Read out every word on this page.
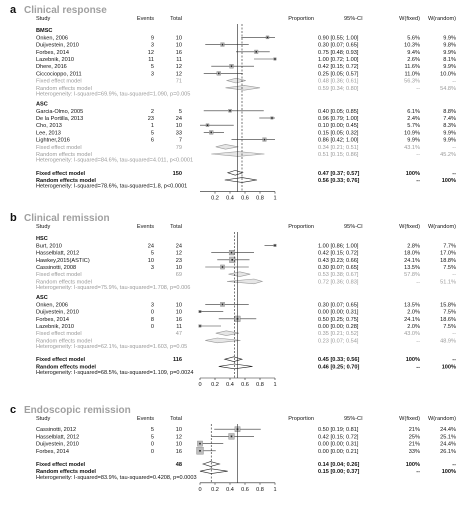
a Clinical response
Study	Events	Total	Proportion	95%-CI	W(fixed) W(random)
BMSC
Onken, 2006	9	10	0.90 [0.55; 1.00]	5.6%	9.9%
Duijvestein, 2010	3	10	0.30 [0.07; 0.65]	10.3%	9.8%
Forbes, 2014	12	16	0.75 [0.48; 0.93]	9.4%	9.9%
Lazebnik, 2010	11	11	1.00 [0.72; 1.00]	2.6%	8.1%
Dhere, 2016	5	12	0.42 [0.15; 0.72]	11.6%	9.9%
Ciccocioppo, 2011	3	12	0.25 [0.05; 0.57]	11.0%	10.0%
Fixed effect model	71	0.48 [0.36; 0.61]	56.3%	--
Random effects model	0.59 [0.34; 0.80]	--	54.8%
Heterogeneity: I-squared=69.9%, tau-squared=1.090, p=0.005
ASC
Garcia-Olmo, 2005	2	5	0.40 [0.05; 0.85]	6.1%	8.8%
De la Portilla, 2013	23	24	0.96 [0.79; 1.00]	2.4%	7.4%
Cho, 2013	1	10	0.10 [0.00; 0.45]	5.7%	8.3%
Lee, 2013	5	33	0.15 [0.05; 0.32]	10.9%	9.9%
Lightner,2016	6	7	0.86 [0.42; 1.00]	9.9%	9.9%
Fixed effect model	79	0.34 [0.21; 0.51]	43.1%	--
Random effects model	0.51 [0.15; 0.86]	--	45.2%
Heterogeneity: I-squared=84.6%, tau-squared=4.011, p<0.0001
Fixed effect model	150	0.47 [0.37; 0.57]	100%	--
Random effects model	0.56 [0.33; 0.76]	--	100%
Heterogeneity: I-squared=78.6%, tau-squared=1.8, p<0.0001
0.2 0.4 0.6 0.8 1
b Clinical remission
Study	Events	Total	Proportion	95%-CI	W(fixed) W(random)
HSC
Burt, 2010	24	24	1.00 [0.86; 1.00]	2.8%	7.7%
Hasselblatt, 2012	5	12	0.42 [0.15; 0.72]	18.0%	17.0%
Hawkey,2015(ASTIC)	10	23	0.43 [0.23; 0.66]	24.1%	18.8%
Cassinotti, 2008	3	10	0.30 [0.07; 0.65]	13.5%	7.5%
Fixed effect model	69	0.53 [0.38; 0.67]	57.8%	--
Random effects model	0.72 [0.36; 0.83]	--	51.1%
Heterogeneity: I-squared=75.9%, tau-squared=1.708, p=0.006
ASC
Onken, 2006	3	10	0.30 [0.07; 0.65]	13.5%	15.8%
Duijvestein, 2010	0	10	0.00 [0.00; 0.31]	2.0%	7.5%
Forbes, 2014	8	16	0.50 [0.25; 0.75]	24.1%	18.6%
Lazebnik, 2010	0	11	0.00 [0.00; 0.28]	2.0%	7.5%
Fixed effect model	47	0.35 [0.21; 0.52]	43.0%	--
Random effects model	0.23 [0.07; 0.54]	--	48.9%
Heterogeneity: I-squared=62.1%, tau-squared=1.603, p=0.05
Fixed effect model	116	0.45 [0.33; 0.56]	100%	--
Random effects model	0.46 [0.25; 0.70]	--	100%
Heterogeneity: I-squared=68.5%, tau-squared=1.109, p=0.0024
0 0.2 0.4 0.6 0.8 1
c Endoscopic remission
Study	Events	Total	Proportion	95%-CI	W(fixed) W(random)
Cassinotti, 2012	5	10	0.50 [0.19; 0.81]	21%	24.4%
Hasselblatt, 2012	5	12	0.42 [0.15; 0.72]	25%	25.1%
Duijvestein, 2010	0	10	0.00 [0.00; 0.31]	21%	24.4%
Forbes, 2014	0	16	0.00 [0.00; 0.21]	33%	26.1%
Fixed effect model	48	0.14 [0.04; 0.26]	100%	--
Random effects model	0.15 [0.00; 0.37]	--	100%
Heterogeneity: I-squared=83.9%, tau-squared=0.4208, p=0.0003
0 0.2 0.4 0.6 0.8 1
